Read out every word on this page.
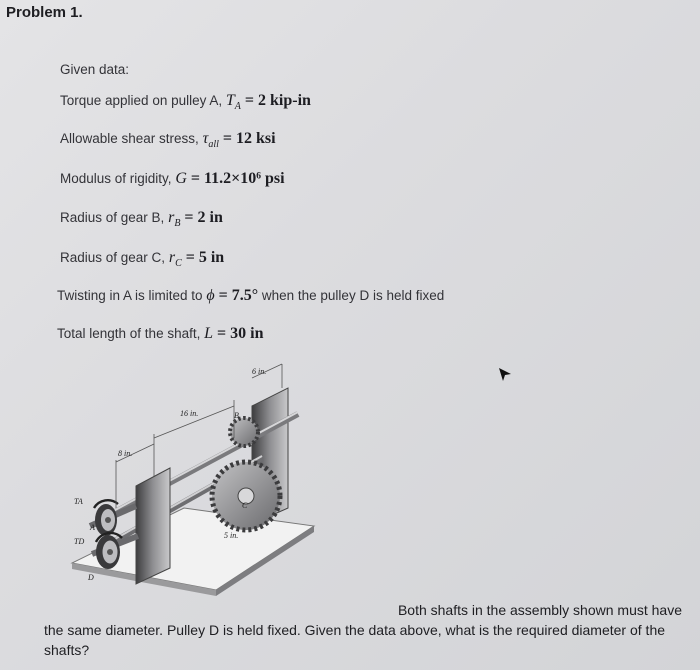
Problem 1.
Given data:
Torque applied on pulley A, $T_A = 2$ kip-in
Allowable shear stress, $\tau_{all} = 12$ ksi
Modulus of rigidity, G = 11.2×10⁶ psi
Radius of gear B, $r_B = 2$ in
Radius of gear C, $r_C = 5$ in
Twisting in A is limited to ϕ = 7.5° when the pulley D is held fixed
Total length of the shaft, L = 30 in
6 in.
16 in.
8 in.
5 in.
B
C
A
D
TA
TD
Both shafts in the assembly shown must have
the same diameter. Pulley D is held fixed. Given the data above, what is the required diameter of the shafts?
